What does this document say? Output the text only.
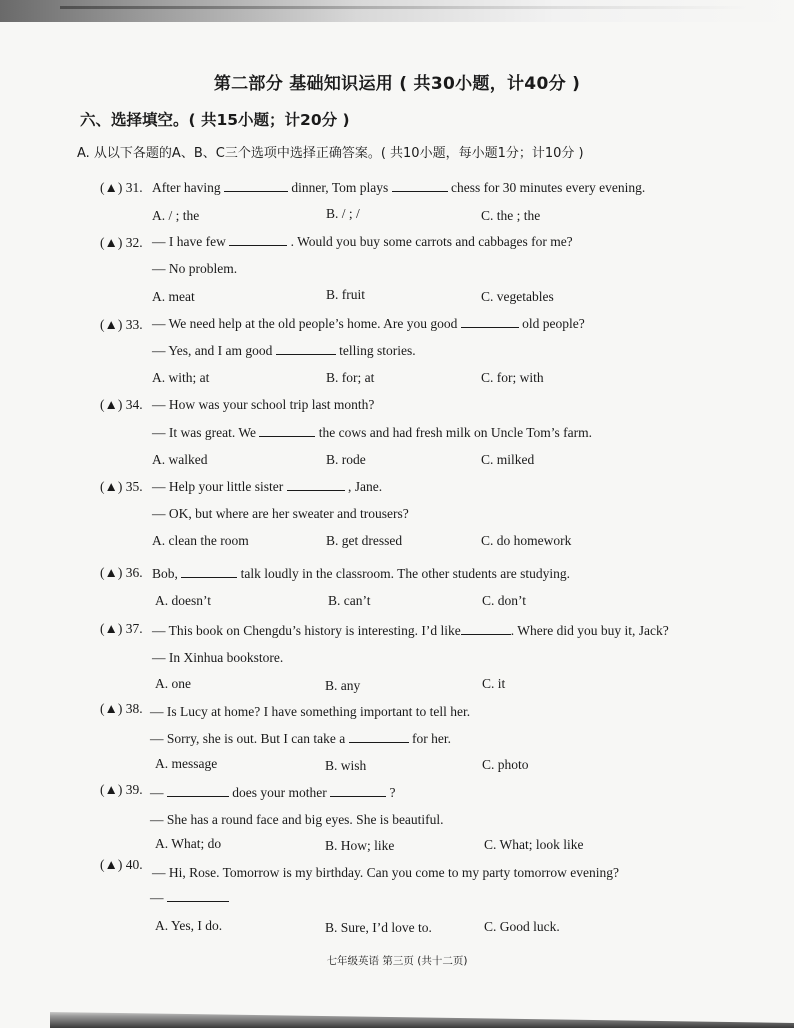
第二部分 基础知识运用 ( 共30小题，计40分 )
六、选择填空。( 共15小题；计20分 )
A. 从以下各题的A、B、C三个选项中选择正确答案。( 共10小题，每小题1分；计10分 )
(▲) 31. After having	dinner, Tom plays	chess for 30 minutes every evening.
A. / ; the	B. / ; /	C. the ; the
(▲) 32. — I have few	. Would you buy some carrots and cabbages for me?
— No problem.
A. meat	B. fruit	C. vegetables
(▲) 33. — We need help at the old people’s home. Are you good	old people?
— Yes, and I am good	telling stories.
A. with; at	B. for; at	C. for; with
(▲) 34. — How was your school trip last month?
— It was great. We	the cows and had fresh milk on Uncle Tom’s farm.
A. walked	B. rode	C. milked
(▲) 35. — Help your little sister	, Jane.
— OK, but where are her sweater and trousers?
A. clean the room	B. get dressed	C. do homework
(▲) 36. Bob,	talk loudly in the classroom. The other students are studying.
A. doesn’t	B. can’t	C. don’t
(▲) 37. — This book on Chengdu’s history is interesting. I’d like	. Where did you buy it, Jack?
— In Xinhua bookstore.
A. one	B. any	C. it
(▲) 38. — Is Lucy at home? I have something important to tell her.
— Sorry, she is out. But I can take a	for her.
A. message	B. wish	C. photo
(▲) 39. —	does your mother	?
— She has a round face and big eyes. She is beautiful.
A. What; do	B. How; like	C. What; look like
(▲) 40.
— Hi, Rose. Tomorrow is my birthday. Can you come to my party tomorrow evening?
—
A. Yes, I do.	B. Sure, I’d love to.	C. Good luck.
七年级英语 第三页 (共十二页)
